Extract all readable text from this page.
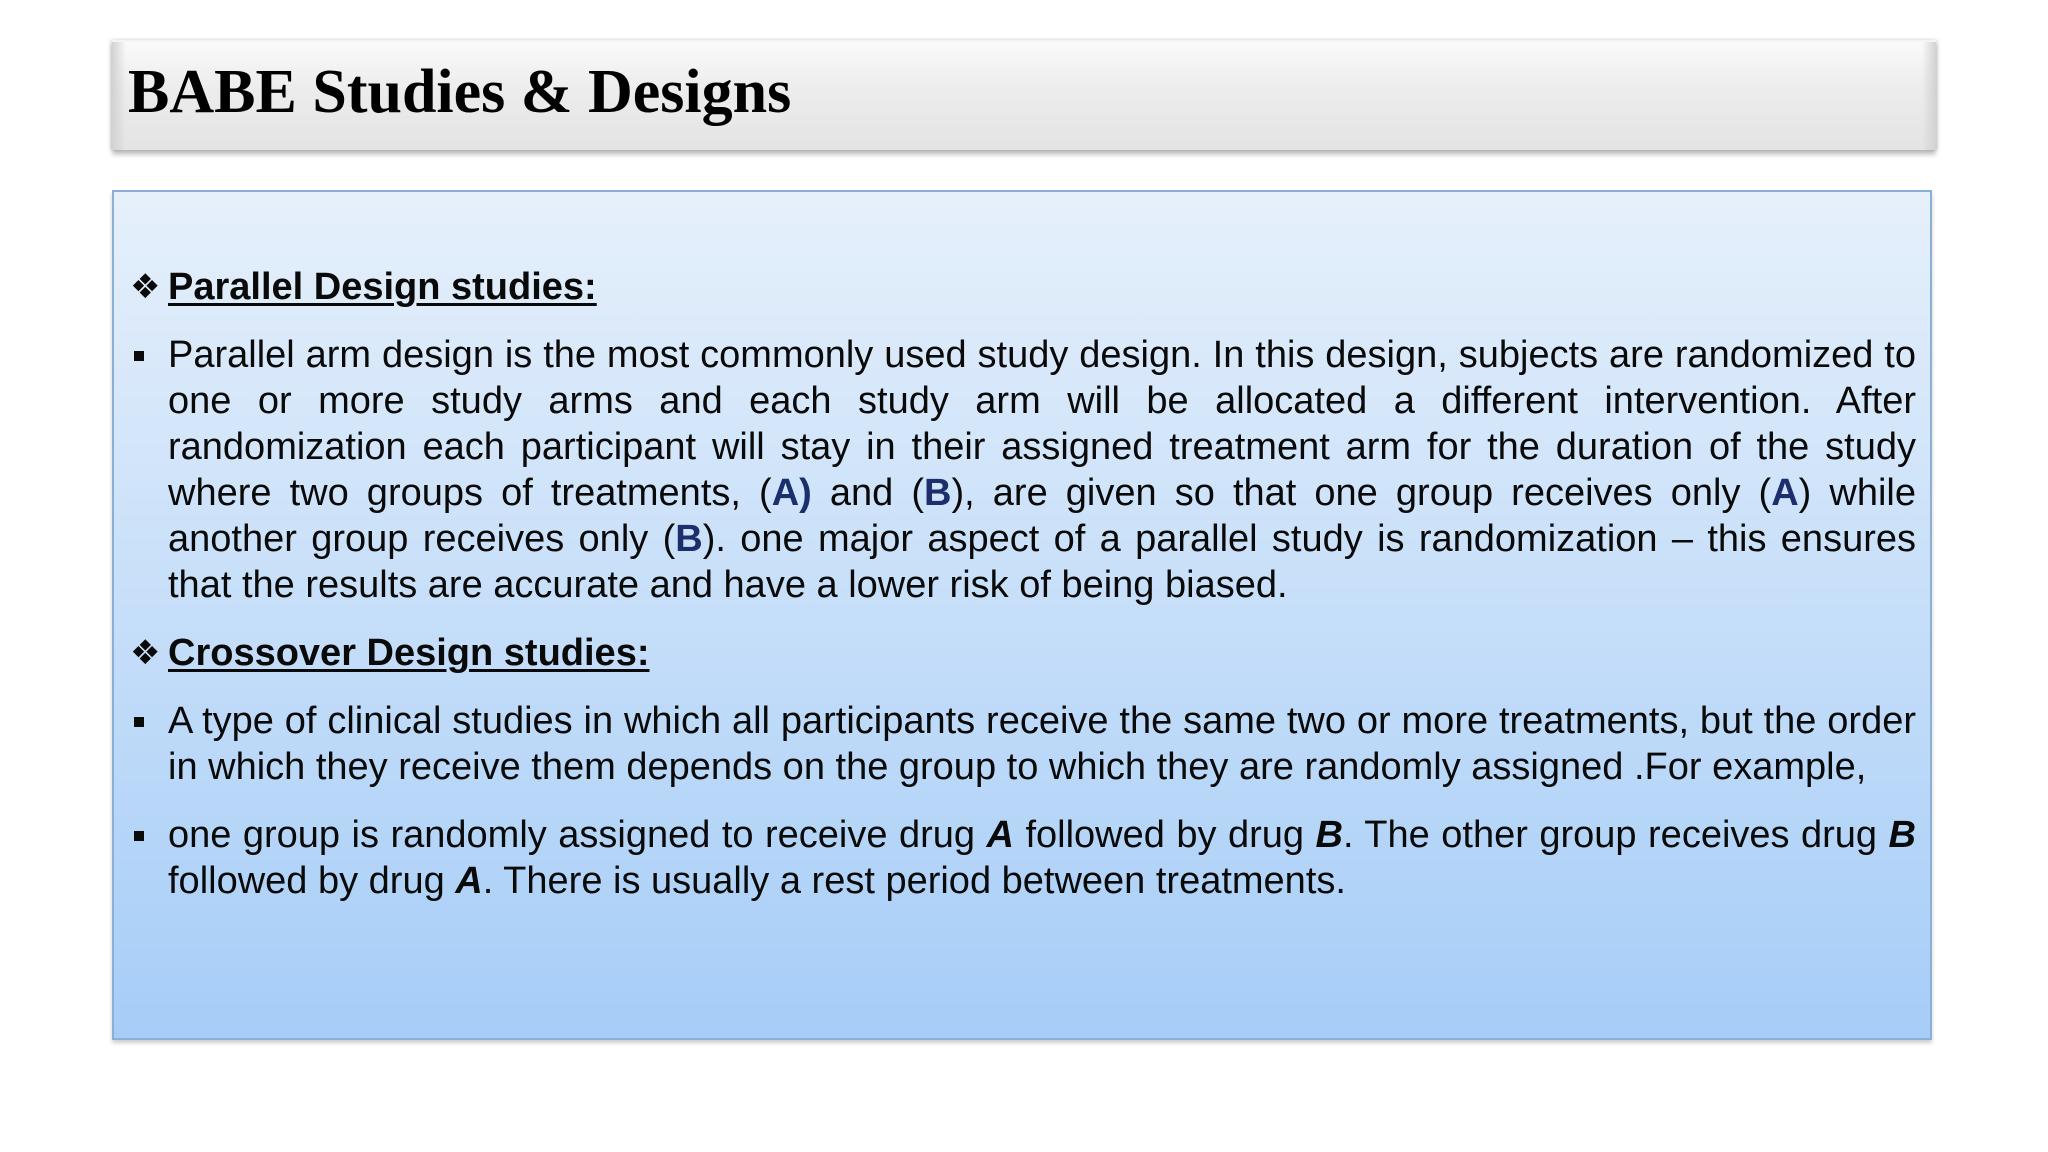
BABE Studies & Designs
❖ Parallel Design studies:
Parallel arm design is the most commonly used study design. In this design, subjects are randomized to one or more study arms and each study arm will be allocated a different intervention. After randomization each participant will stay in their assigned treatment arm for the duration of the study where two groups of treatments, (A) and (B), are given so that one group receives only (A) while another group receives only (B). one major aspect of a parallel study is randomization – this ensures that the results are accurate and have a lower risk of being biased.
❖ Crossover Design studies:
A type of clinical studies in which all participants receive the same two or more treatments, but the order in which they receive them depends on the group to which they are randomly assigned .For example,
one group is randomly assigned to receive drug A followed by drug B. The other group receives drug B followed by drug A. There is usually a rest period between treatments.
